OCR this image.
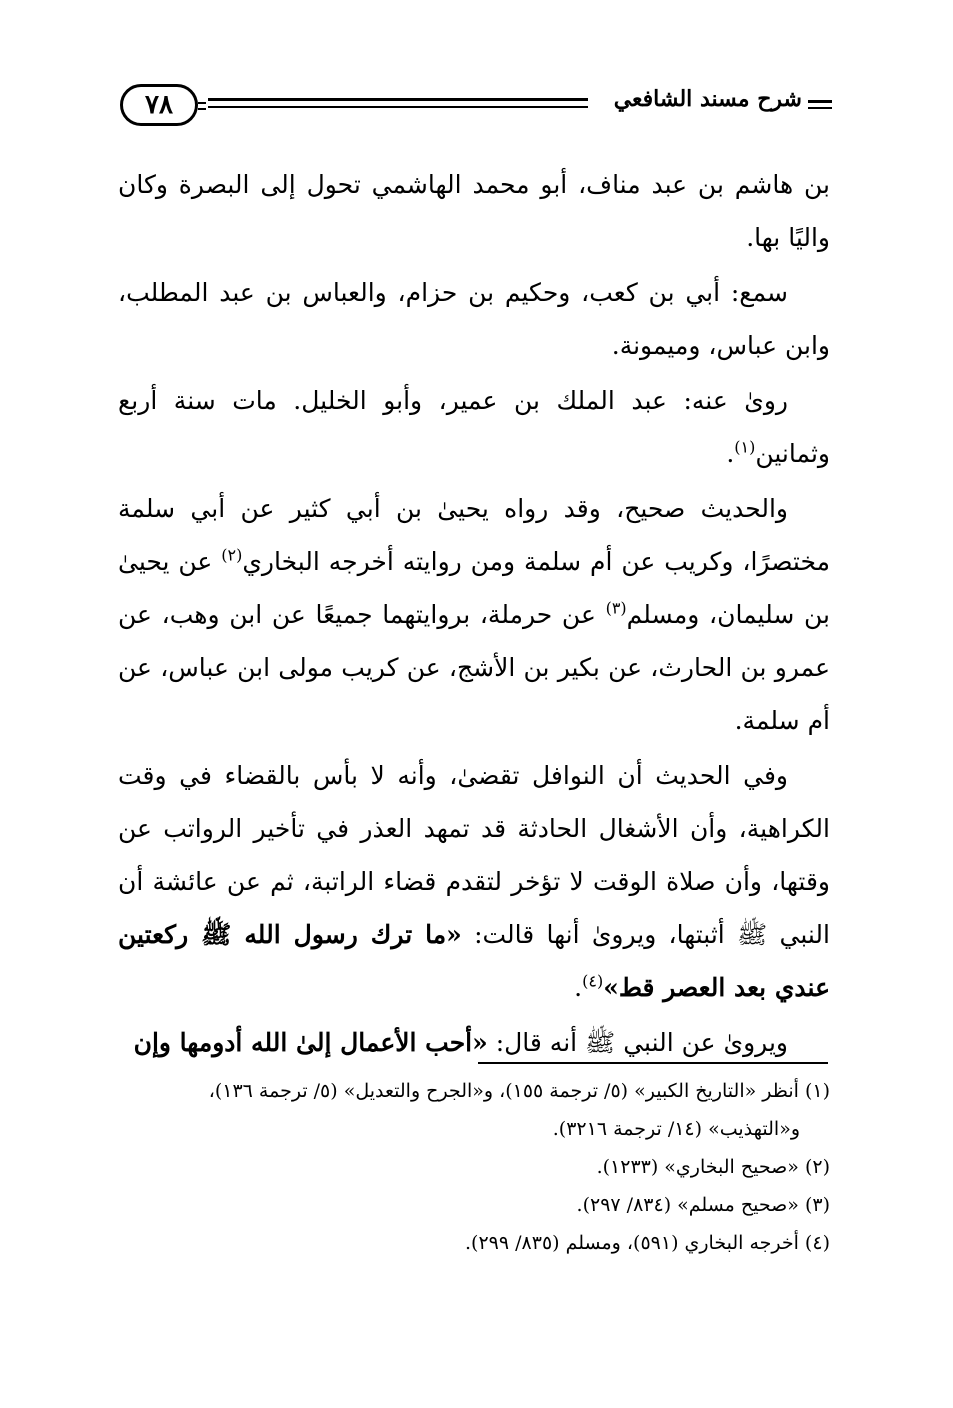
٧٨	شرح مسند الشافعي

بن هاشم بن عبد مناف، أبو محمد الهاشمي تحول إلى البصرة وكان واليًا بها.

سمع: أبي بن كعب، وحكيم بن حزام، والعباس بن عبد المطلب، وابن عباس، وميمونة.

روىٰ عنه: عبد الملك بن عمير، وأبو الخليل. مات سنة أربع وثمانين$^{(١)}$.

والحديث صحيح، وقد رواه يحيىٰ بن أبي كثير عن أبي سلمة مختصرًا، وكريب عن أم سلمة ومن روايته أخرجه البخاري$^{(٢)}$ عن يحيىٰ بن سليمان، ومسلم$^{(٣)}$ عن حرملة، بروايتهما جميعًا عن ابن وهب، عن عمرو بن الحارث، عن بكير بن الأشج، عن كريب مولى ابن عباس، عن أم سلمة.

وفي الحديث أن النوافل تقضىٰ، وأنه لا بأس بالقضاء في وقت الكراهية، وأن الأشغال الحادثة قد تمهد العذر في تأخير الرواتب عن وقتها، وأن صلاة الوقت لا تؤخر لتقدم قضاء الراتبة، ثم عن عائشة أن النبي ﷺ أثبتها، ويروىٰ أنها قالت: «ما ترك رسول الله ﷺ ركعتين عندي بعد العصر قط»$^{(٤)}$.

ويروىٰ عن النبي ﷺ أنه قال: «أحب الأعمال إلىٰ الله أدومها وإن

(١) أنظر «التاريخ الكبير» (٥/ ترجمة ١٥٥)، و«الجرح والتعديل» (٥/ ترجمة ١٣٦)،
و«التهذيب» (١٤/ ترجمة ٣٢١٦).

(٢) «صحيح البخاري» (١٢٣٣).

(٣) «صحيح مسلم» (٨٣٤/ ٢٩٧).

(٤) أخرجه البخاري (٥٩١)، ومسلم (٨٣٥/ ٢٩٩).
